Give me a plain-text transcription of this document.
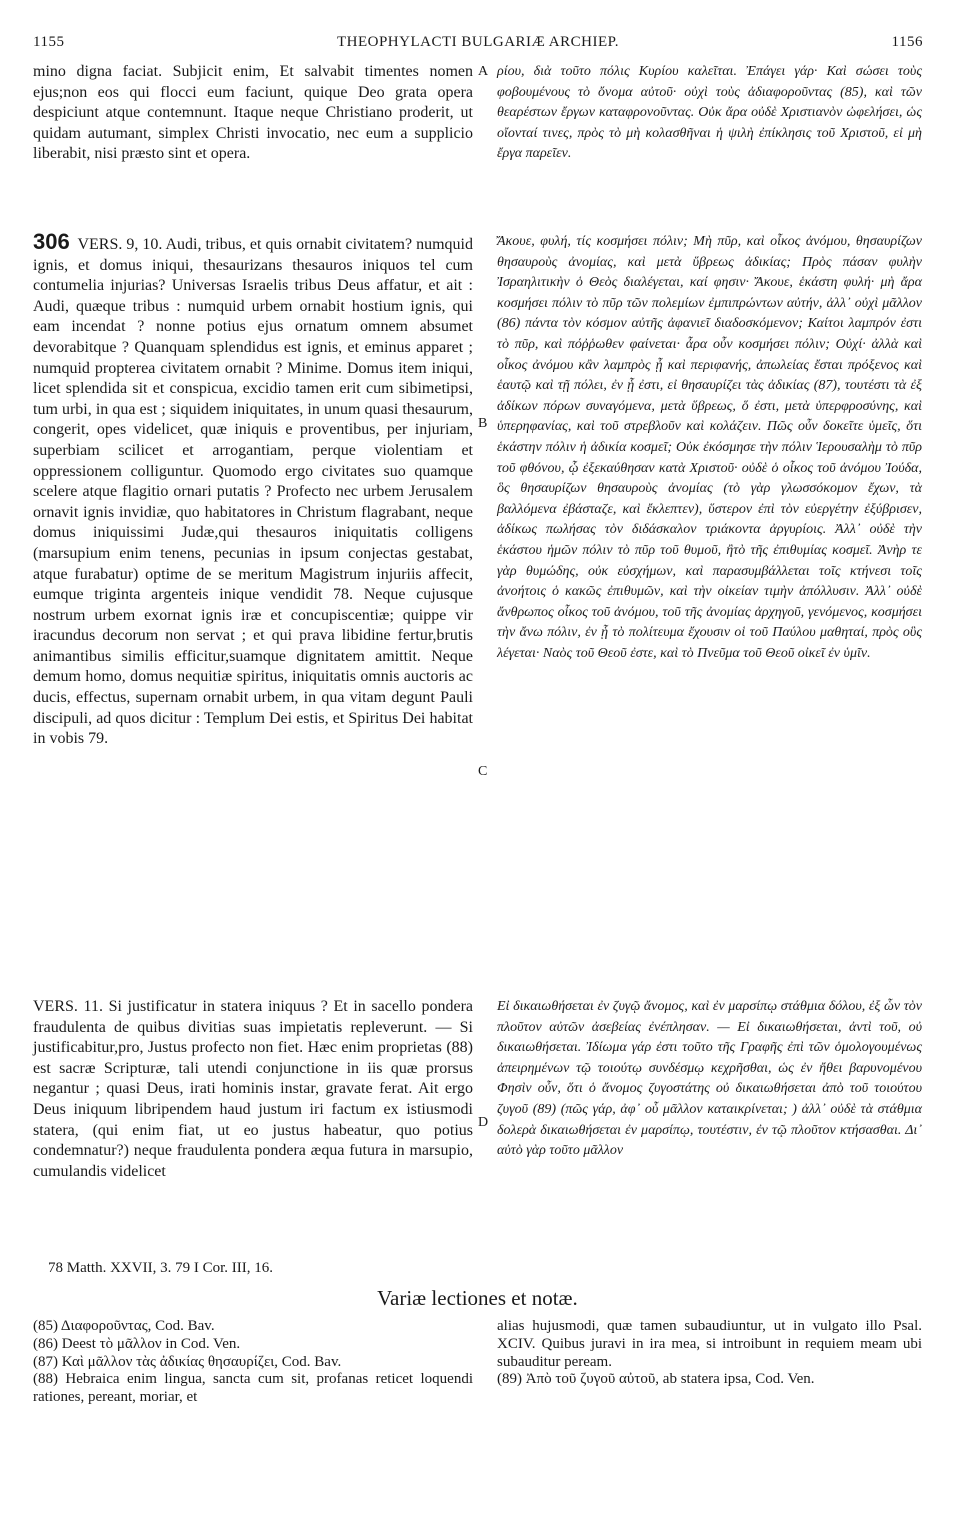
1155	THEOPHYLACTI BULGARIÆ ARCHIEP.	1156
A
B
C
D

mino digna faciat. Subjicit enim, Et salvabit timentes nomen ejus;non eos qui flocci eum faciunt, quique Deo grata opera despiciunt atque contemnunt. Itaque neque Christiano proderit, ut quidam autumant, simplex Christi invocatio, nec eum a supplicio liberabit, nisi præsto sint et opera.

ρίου, διὰ τοῦτο πόλις Κυρίου καλεῖται. Ἐπάγει γάρ· Καὶ σώσει τοὺς φοβουμένους τὸ ὄνομα αὐτοῦ· οὐχὶ τοὺς ἀδιαφοροῦντας (85), καὶ τῶν θεαρέστων ἔργων καταφρονοῦντας. Οὐκ ἄρα οὐδὲ Χριστιανὸν ὠφελήσει, ὡς οἴονταί τινες, πρὸς τὸ μὴ κολασθῆναι ἡ ψιλὴ ἐπίκλησις τοῦ Χριστοῦ, εἰ μὴ ἔργα παρεῖεν.

306 VERS. 9, 10. Audi, tribus, et quis ornabit civitatem? numquid ignis, et domus iniqui, thesaurizans thesauros iniquos tel cum contumelia injurias? Universas Israelis tribus Deus affatur, et ait : Audi, quæque tribus : numquid urbem ornabit hostium ignis, qui eam incendat ? nonne potius ejus ornatum omnem absumet devorabitque ? Quanquam splendidus est ignis, et eminus apparet ; numquid propterea civitatem ornabit ? Minime. Domus item iniqui, licet splendida sit et conspicua, excidio tamen erit cum sibimetipsi, tum urbi, in qua est ; siquidem iniquitates, in unum quasi thesaurum, congerit, opes videlicet, quæ iniquis e proventibus, per injuriam, superbiam scilicet et arrogantiam, perque violentiam et oppressionem colliguntur. Quomodo ergo civitates suo quamque scelere atque flagitio ornari putatis ? Profecto nec urbem Jerusalem ornavit ignis invidiæ, quo habitatores in Christum flagrabant, neque domus iniquissimi Judæ,qui thesauros iniquitatis colligens (marsupium enim tenens, pecunias in ipsum conjectas gestabat, atque furabatur) optime de se meritum Magistrum injuriis affecit, eumque triginta argenteis inique vendidit 78. Neque cujusque nostrum urbem exornat ignis iræ et concupiscentiæ; quippe vir iracundus decorum non servat ; et qui prava libidine fertur,brutis animantibus similis efficitur,suamque dignitatem amittit. Neque demum homo, domus nequitiæ spiritus, iniquitatis omnis auctoris ac ducis, effectus, supernam ornabit urbem, in qua vitam degunt Pauli discipuli, ad quos dicitur : Templum Dei estis, et Spiritus Dei habitat in vobis 79.

Ἄκουε, φυλή, τίς κοσμήσει πόλιν; Μὴ πῦρ, καὶ οἶκος ἀνόμου, θησαυρίζων θησαυροὺς ἀνομίας, καὶ μετὰ ὕβρεως ἀδικίας; Πρὸς πάσαν φυλὴν Ἰσραηλιτικὴν ὁ Θεὸς διαλέγεται, καί φησιν· Ἄκουε, ἑκάστη φυλή· μὴ ἄρα κοσμήσει πόλιν τὸ πῦρ τῶν πολεμίων ἐμπιπρώντων αὐτήν, ἀλλ᾽ οὐχὶ μᾶλλον (86) πάντα τὸν κόσμον αὐτῆς ἀφανιεῖ διαδοσκόμενον; Καίτοι λαμπρόν ἐστι τὸ πῦρ, καὶ πόῤῥωθεν φαίνεται· ἆρα οὖν κοσμήσει πόλιν; Οὐχί· ἀλλὰ καὶ οἶκος ἀνόμου κἂν λαμπρὸς ᾖ καὶ περιφανής, ἀπωλείας ἔσται πρόξενος καὶ ἑαυτῷ καὶ τῇ πόλει, ἐν ᾗ ἐστι, εἰ θησαυρίζει τὰς ἀδικίας (87), τουτέστι τὰ ἐξ ἀδίκων πόρων συναγόμενα, μετὰ ὕβρεως, ὅ ἐστι, μετὰ ὑπερφροσύνης, καὶ ὑπερηφανίας, καὶ τοῦ στρεβλοῦν καὶ κολάζειν. Πῶς οὖν δοκεῖτε ὑμεῖς, ὅτι ἑκάστην πόλιν ἡ ἀδικία κοσμεῖ; Οὐκ ἐκόσμησε τὴν πόλιν Ἱερουσαλὴμ τὸ πῦρ τοῦ φθόνου, ᾧ ἐξεκαύθησαν κατὰ Χριστοῦ· οὐδὲ ὁ οἶκος τοῦ ἀνόμου Ἰούδα, ὃς θησαυρίζων θησαυροὺς ἀνομίας (τὸ γὰρ γλωσσόκομον ἔχων, τὰ βαλλόμενα ἐβάσταζε, καὶ ἔκλεπτεν), ὕστερον ἐπὶ τὸν εὐεργέτην ἐξύβρισεν, ἀδίκως πωλήσας τὸν διδάσκαλον τριάκοντα ἀργυρίοις. Ἀλλ᾽ οὐδὲ τὴν ἑκάστου ἡμῶν πόλιν τὸ πῦρ τοῦ θυμοῦ, ἢτὸ τῆς ἐπιθυμίας κοσμεῖ. Ἀνὴρ τε γὰρ θυμώδης, οὐκ εὐσχήμων, καὶ παρασυμβάλλεται τοῖς κτήνεσι τοῖς ἀνοήτοις ὁ κακῶς ἐπιθυμῶν, καὶ τὴν οἰκείαν τιμὴν ἀπόλλυσιν. Ἀλλ᾽ οὐδὲ ἄνθρωπος οἶκος τοῦ ἀνόμου, τοῦ τῆς ἀνομίας ἀρχηγοῦ, γενόμενος, κοσμήσει τὴν ἄνω πόλιν, ἐν ᾗ τὸ πολίτευμα ἔχουσιν οἱ τοῦ Παύλου μαθηταί, πρὸς οὓς λέγεται· Ναὸς τοῦ Θεοῦ ἐστε, καὶ τὸ Πνεῦμα τοῦ Θεοῦ οἰκεῖ ἐν ὑμῖν.

VERS. 11. Si justificatur in statera iniquus ? Et in sacello pondera fraudulenta de quibus divitias suas impietatis repleverunt. — Si justificabitur,pro, Justus profecto non fiet. Hæc enim proprietas (88) est sacræ Scripturæ, tali utendi conjunctione in iis quæ prorsus negantur ; quasi Deus, irati hominis instar, gravate ferat. Ait ergo Deus iniquum libripendem haud justum iri factum ex istiusmodi statera, (qui enim fiat, ut eo justus habeatur, quo potius condemnatur?) neque fraudulenta pondera æqua futura in marsupio, cumulandis videlicet

Εἰ δικαιωθήσεται ἐν ζυγῷ ἄνομος, καὶ ἐν μαρσίπῳ στάθμια δόλου, ἐξ ὧν τὸν πλοῦτον αὐτῶν ἀσεβείας ἐνέπλησαν. — Εἰ δικαιωθήσεται, ἀντὶ τοῦ, οὐ δικαιωθήσεται. Ἰδίωμα γάρ ἐστι τοῦτο τῆς Γραφῆς ἐπὶ τῶν ὁμολογουμένως ἀπειρημένων τῷ τοιούτῳ συνδέσμῳ κεχρῆσθαι, ὡς ἐν ἤθει βαρυνομένου Φησὶν οὖν, ὅτι ὁ ἄνομος ζυγοστάτης οὐ δικαιωθήσεται ἀπὸ τοῦ τοιούτου ζυγοῦ (89) (πῶς γάρ, ἀφ᾽ οὗ μᾶλλον καταικρίνεται; ) ἀλλ᾽ οὐδὲ τὰ στάθμια δολερὰ δικαιωθήσεται ἐν μαρσίπῳ, τουτέστιν, ἐν τῷ πλοῦτον κτήσασθαι. Δι᾽ αὐτὸ γὰρ τοῦτο μᾶλλον

78 Matth. XXVII, 3. 79 I Cor. III, 16.
Variæ lectiones et notæ.

(85) Διαφοροῦντας, Cod. Bav.

(86) Deest τὸ μᾶλλον in Cod. Ven.

(87) Καὶ μᾶλλον τὰς ἀδικίας θησαυρίζει, Cod. Bav.

(88) Hebraica enim lingua, sancta cum sit, profanas reticet loquendi rationes, pereant, moriar, et

alias hujusmodi, quæ tamen subaudiuntur, ut in vulgato illo Psal. XCIV. Quibus juravi in ira mea, si introibunt in requiem meam ubi subauditur peream.

(89) Ἀπὸ τοῦ ζυγοῦ αὐτοῦ, ab statera ipsa, Cod. Ven.
